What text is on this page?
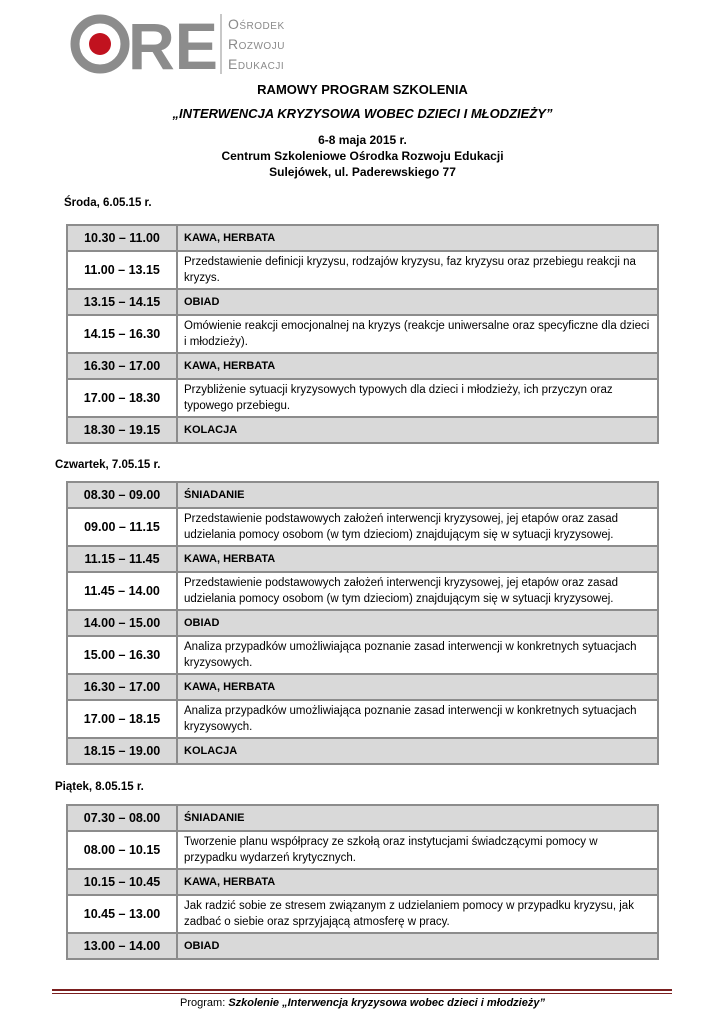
RE Ośrodek
Rozwoju
Edukacji
RAMOWY PROGRAM SZKOLENIA
„INTERWENCJA KRYZYSOWA WOBEC DZIECI I MŁODZIEŻY”
6-8 maja 2015 r.
Centrum Szkoleniowe Ośrodka Rozwoju Edukacji
Sulejówek, ul. Paderewskiego 77
Środa, 6.05.15 r.
10.30 – 11.00	KAWA, HERBATA
11.00 – 13.15	Przedstawienie definicji kryzysu, rodzajów kryzysu, faz kryzysu oraz przebiegu reakcji na kryzys.
13.15 – 14.15	OBIAD
14.15 – 16.30	Omówienie reakcji emocjonalnej na kryzys (reakcje uniwersalne oraz specyficzne dla dzieci i młodzieży).
16.30 – 17.00	KAWA, HERBATA
17.00 – 18.30	Przybliżenie sytuacji kryzysowych typowych dla dzieci i młodzieży, ich przyczyn oraz typowego przebiegu.
18.30 – 19.15	KOLACJA
Czwartek, 7.05.15 r.
08.30 – 09.00	ŚNIADANIE
09.00 – 11.15	Przedstawienie podstawowych założeń interwencji kryzysowej, jej etapów oraz zasad udzielania pomocy osobom (w tym dzieciom) znajdującym się w sytuacji kryzysowej.
11.15 – 11.45	KAWA, HERBATA
11.45 – 14.00	Przedstawienie podstawowych założeń interwencji kryzysowej, jej etapów oraz zasad udzielania pomocy osobom (w tym dzieciom) znajdującym się w sytuacji kryzysowej.
14.00 – 15.00	OBIAD
15.00 – 16.30	Analiza przypadków umożliwiająca poznanie zasad interwencji w konkretnych sytuacjach kryzysowych.
16.30 – 17.00	KAWA, HERBATA
17.00 – 18.15	Analiza przypadków umożliwiająca poznanie zasad interwencji w konkretnych sytuacjach kryzysowych.
18.15 – 19.00	KOLACJA
Piątek, 8.05.15 r.
07.30 – 08.00	ŚNIADANIE
08.00 – 10.15	Tworzenie planu współpracy ze szkołą oraz instytucjami świadczącymi pomocy w przypadku wydarzeń krytycznych.
10.15 – 10.45	KAWA, HERBATA
10.45 – 13.00	Jak radzić sobie ze stresem związanym z udzielaniem pomocy w przypadku kryzysu, jak zadbać o siebie oraz sprzyjającą atmosferę w pracy.
13.00 – 14.00	OBIAD
Program: Szkolenie „Interwencja kryzysowa wobec dzieci i młodzieży”
